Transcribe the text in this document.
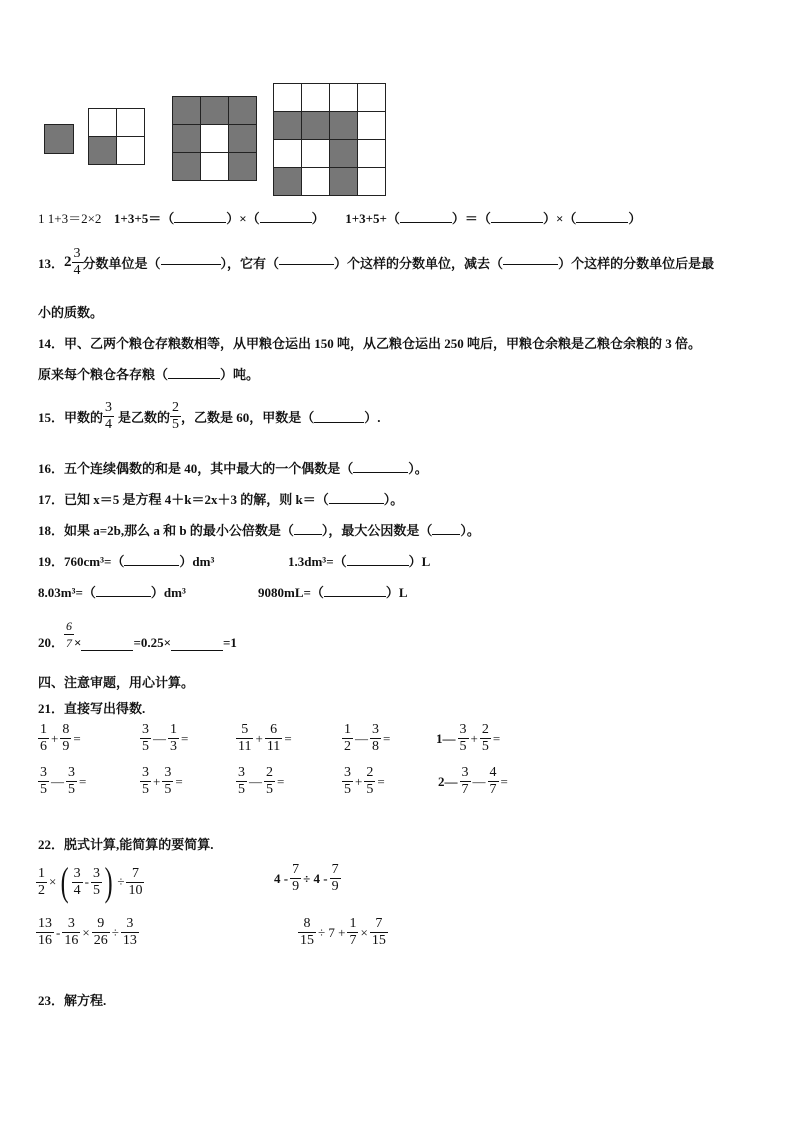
1 1+3＝2×2 1+3+5＝（	）×（	） 1+3+5+（	）＝（	）×（	）
13．$2 \frac{3}{4}$ 分数单位是（	），它有（	）个这样的分数单位，减去（	）个这样的分数单位后是最
小的质数。
14．甲、乙两个粮仓存粮数相等，从甲粮仓运出 150 吨，从乙粮仓运出 250 吨后，甲粮仓余粮是乙粮仓余粮的 3 倍。
原来每个粮仓各存粮（	）吨。
15．甲数的 $\frac{3}{4}$ 是乙数的 $\frac{2}{5}$ ，乙数是 60，甲数是（	）.
16．五个连续偶数的和是 40，其中最大的一个偶数是（	）。
17．已知 x＝5 是方程 4＋k＝2x＋3 的解，则 k＝（	）。
18．如果 a=2b,那么 a 和 b 的最小公倍数是（ ），最大公因数是（ ）。
19．760cm³=（	）dm³	1.3dm³=（	）L
8.03m³=（	）dm³	9080mL=（	）L
20． $\frac{6}{7}$ ×	=0.25×	=1
四、注意审题，用心计算。
21．直接写出得数.
$\frac{1}{6} + \frac{8}{9}$ =	$\frac{3}{5}$ — $\frac{1}{3}$ =	$\frac{5}{11} + \frac{6}{11}$ =	$\frac{1}{2}$ — $\frac{3}{8}$ =	1— $\frac{3}{5} + \frac{2}{5}$ =
$\frac{3}{5}$ — $\frac{3}{5}$ =	$\frac{3}{5} + \frac{3}{5}$ =	$\frac{3}{5}$ — $\frac{2}{5}$ =	$\frac{3}{5} + \frac{2}{5}$ =	2— $\frac{3}{7}$ — $\frac{4}{7}$ =
22．脱式计算,能简算的要简算.
$\frac{1}{2}$ × ( $\frac{3}{4} - \frac{3}{5}$ ) ÷ $\frac{7}{10}$	$4 - \frac{7}{9} \div 4 - \frac{7}{9}$
$\frac{13}{16} - \frac{3}{16} \times \frac{9}{26} \div \frac{3}{13}$	$\frac{8}{15} \div 7 + \frac{1}{7} \times \frac{7}{15}$
23．解方程.
